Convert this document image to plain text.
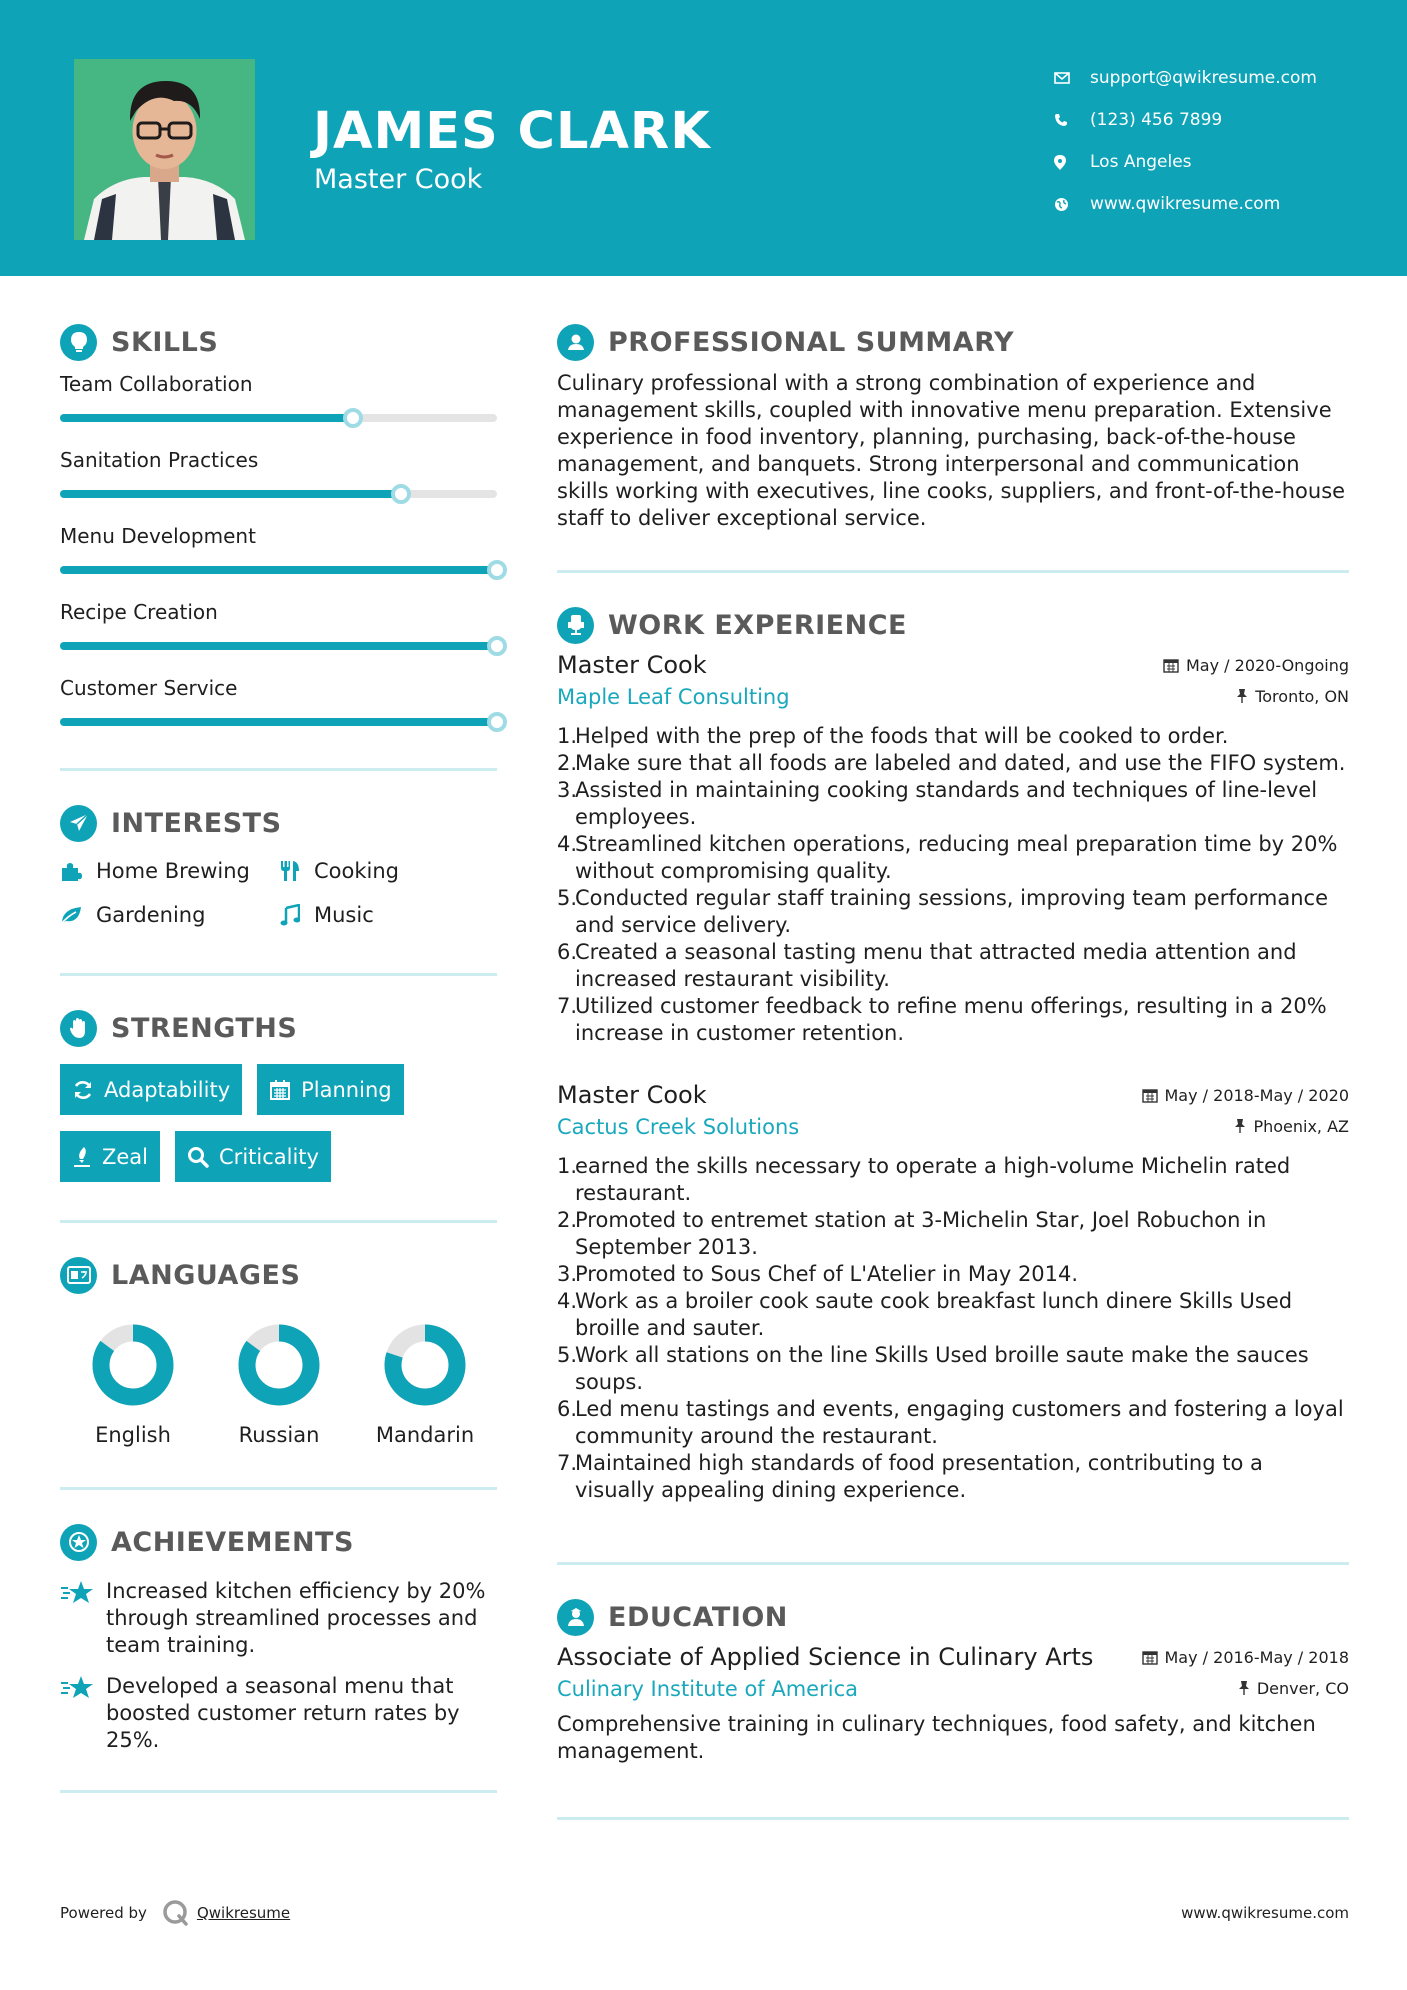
JAMES CLARK
Master Cook
support@qwikresume.com
(123) 456 7899
Los Angeles
www.qwikresume.com
SKILLS
Team Collaboration
Sanitation Practices
Menu Development
Recipe Creation
Customer Service
INTERESTS
Home Brewing	Cooking
Gardening	Music
STRENGTHS
Adaptability	Planning
Zeal	Criticality
LANGUAGES
English	Russian	Mandarin
ACHIEVEMENTS
Increased kitchen efficiency by 20% through streamlined processes and team training.
Developed a seasonal menu that boosted customer return rates by 25%.
PROFESSIONAL SUMMARY

Culinary professional with a strong combination of experience and management skills, coupled with innovative menu preparation. Extensive experience in food inventory, planning, purchasing, back-of-the-house management, and banquets. Strong interpersonal and communication skills working with executives, line cooks, suppliers, and front-of-the-house staff to deliver exceptional service.

WORK EXPERIENCE
Master Cook	May / 2020-Ongoing
Maple Leaf Consulting	Toronto, ON
1.
Helped with the prep of the foods that will be cooked to order.
2.
Make sure that all foods are labeled and dated, and use the FIFO system.
3.
Assisted in maintaining cooking standards and techniques of line-level employees.
4.
Streamlined kitchen operations, reducing meal preparation time by 20% without compromising quality.
5.
Conducted regular staff training sessions, improving team performance and service delivery.
6.
Created a seasonal tasting menu that attracted media attention and increased restaurant visibility.
7.
Utilized customer feedback to refine menu offerings, resulting in a 20% increase in customer retention.
Master Cook	May / 2018-May / 2020
Cactus Creek Solutions	Phoenix, AZ
1.
earned the skills necessary to operate a high-volume Michelin rated restaurant.
2.
Promoted to entremet station at 3-Michelin Star, Joel Robuchon in September 2013.
3.
Promoted to Sous Chef of L'Atelier in May 2014.
4.
Work as a broiler cook saute cook breakfast lunch dinere Skills Used broille and sauter.
5.
Work all stations on the line Skills Used broille saute make the sauces soups.
6.
Led menu tastings and events, engaging customers and fostering a loyal community around the restaurant.
7.
Maintained high standards of food presentation, contributing to a visually appealing dining experience.
EDUCATION
Associate of Applied Science in Culinary Arts	May / 2016-May / 2018
Culinary Institute of America	Denver, CO

Comprehensive training in culinary techniques, food safety, and kitchen management.

Powered by	Qwikresume	www.qwikresume.com
